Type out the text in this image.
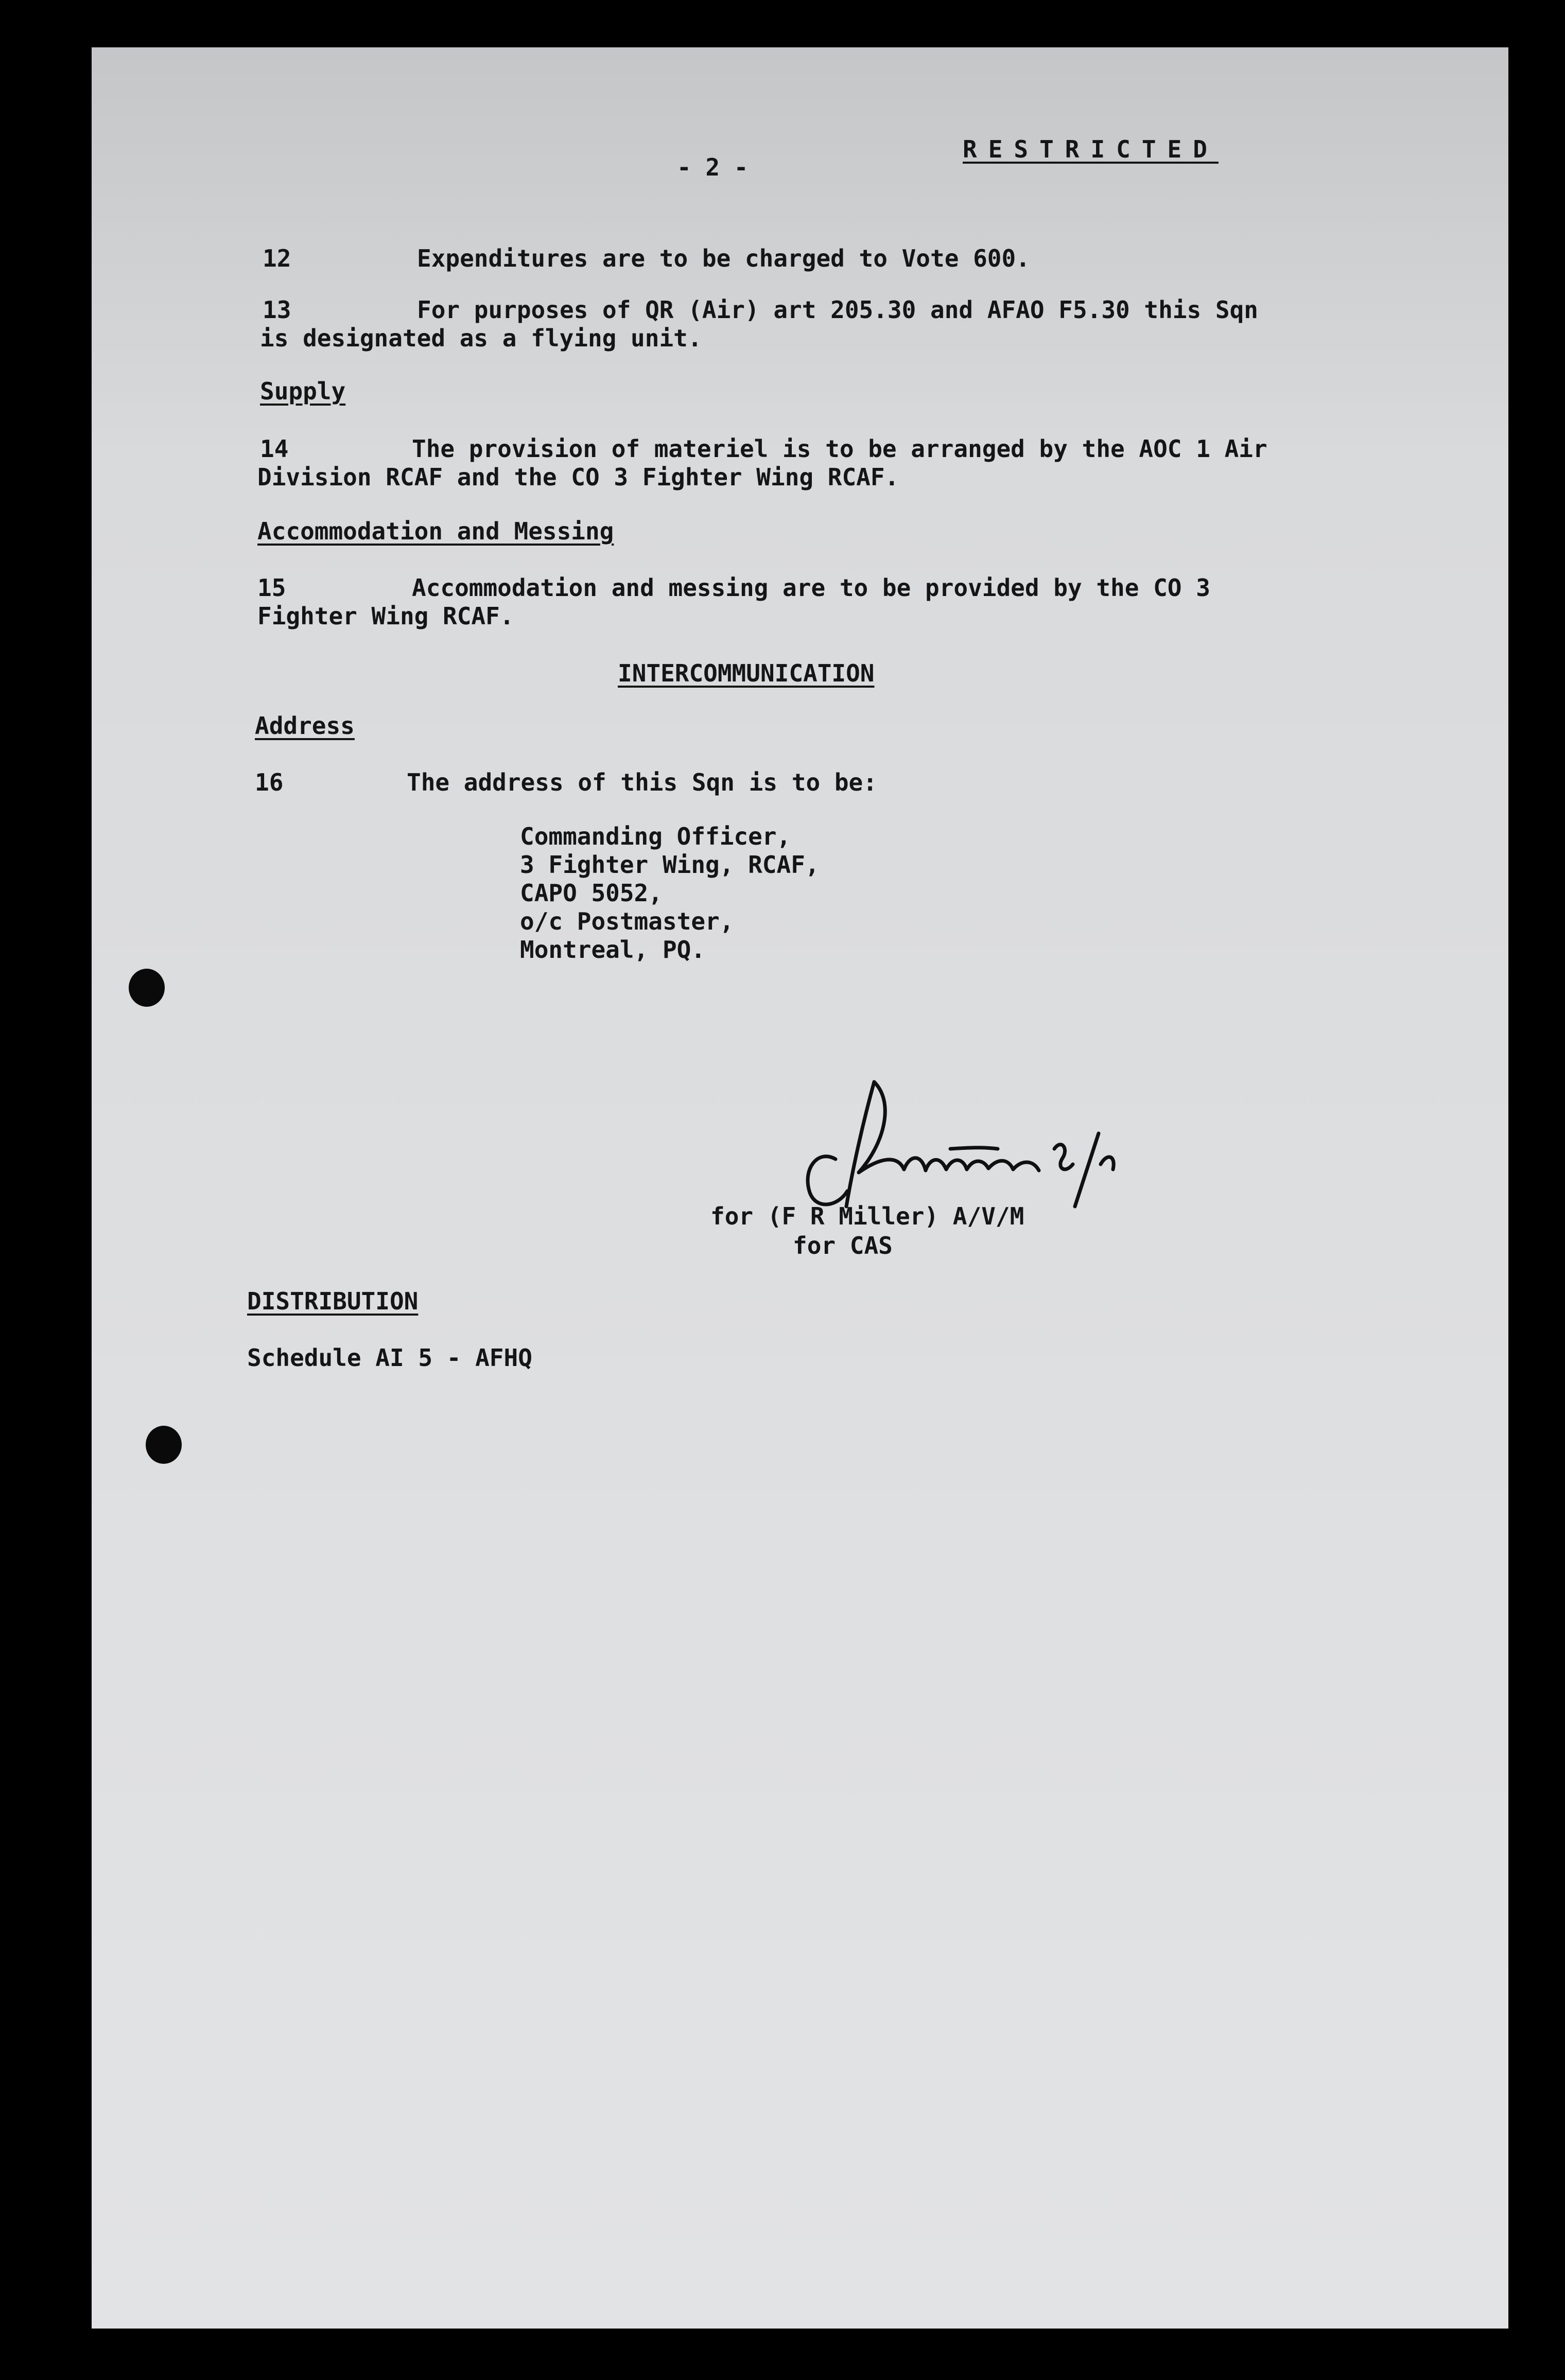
- 2 -
RESTRICTED
12	Expenditures are to be charged to Vote 600.
13	For purposes of QR (Air) art 205.30 and AFAO F5.30 this Sqn
is designated as a flying unit.
Supply
14	The provision of materiel is to be arranged by the AOC 1 Air
Division RCAF and the CO 3 Fighter Wing RCAF.
Accommodation and Messing
15	Accommodation and messing are to be provided by the CO 3
Fighter Wing RCAF.
INTERCOMMUNICATION
Address
16	The address of this Sqn is to be:
Commanding Officer,
3 Fighter Wing, RCAF,
CAPO 5052,
o/c Postmaster,
Montreal, PQ.
for (F R Miller) A/V/M
for CAS
DISTRIBUTION
Schedule AI 5 - AFHQ
